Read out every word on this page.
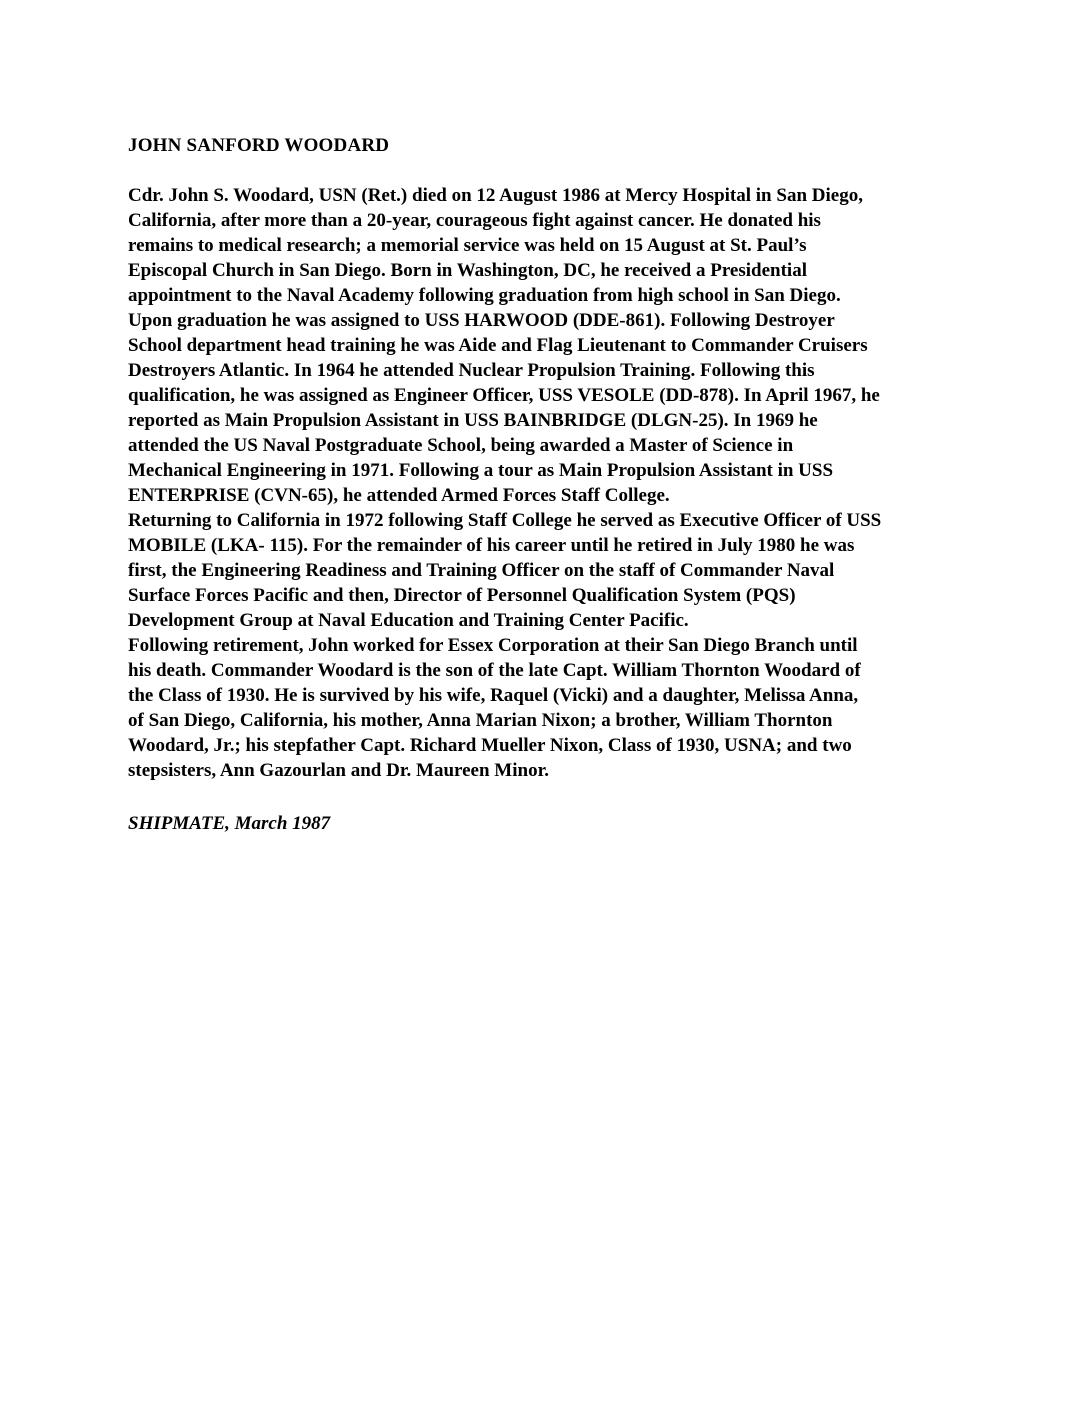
JOHN SANFORD WOODARD
Cdr. John S. Woodard, USN (Ret.) died on 12 August 1986 at Mercy Hospital in San Diego,
California, after more than a 20-year, courageous fight against cancer. He donated his
remains to medical research; a memorial service was held on 15 August at St. Paul’s
Episcopal Church in San Diego. Born in Washington, DC, he received a Presidential
appointment to the Naval Academy following graduation from high school in San Diego.
Upon graduation he was assigned to USS HARWOOD (DDE-861). Following Destroyer
School department head training he was Aide and Flag Lieutenant to Commander Cruisers
Destroyers Atlantic. In 1964 he attended Nuclear Propulsion Training. Following this
qualification, he was assigned as Engineer Officer, USS VESOLE (DD-878). In April 1967, he
reported as Main Propulsion Assistant in USS BAINBRIDGE (DLGN-25). In 1969 he
attended the US Naval Postgraduate School, being awarded a Master of Science in
Mechanical Engineering in 1971. Following a tour as Main Propulsion Assistant in USS
ENTERPRISE (CVN-65), he attended Armed Forces Staff College.
Returning to California in 1972 following Staff College he served as Executive Officer of USS
MOBILE (LKA- 115). For the remainder of his career until he retired in July 1980 he was
first, the Engineering Readiness and Training Officer on the staff of Commander Naval
Surface Forces Pacific and then, Director of Personnel Qualification System (PQS)
Development Group at Naval Education and Training Center Pacific.
Following retirement, John worked for Essex Corporation at their San Diego Branch until
his death. Commander Woodard is the son of the late Capt. William Thornton Woodard of
the Class of 1930. He is survived by his wife, Raquel (Vicki) and a daughter, Melissa Anna,
of San Diego, California, his mother, Anna Marian Nixon; a brother, William Thornton
Woodard, Jr.; his stepfather Capt. Richard Mueller Nixon, Class of 1930, USNA; and two
stepsisters, Ann Gazourlan and Dr. Maureen Minor.
SHIPMATE, March 1987
